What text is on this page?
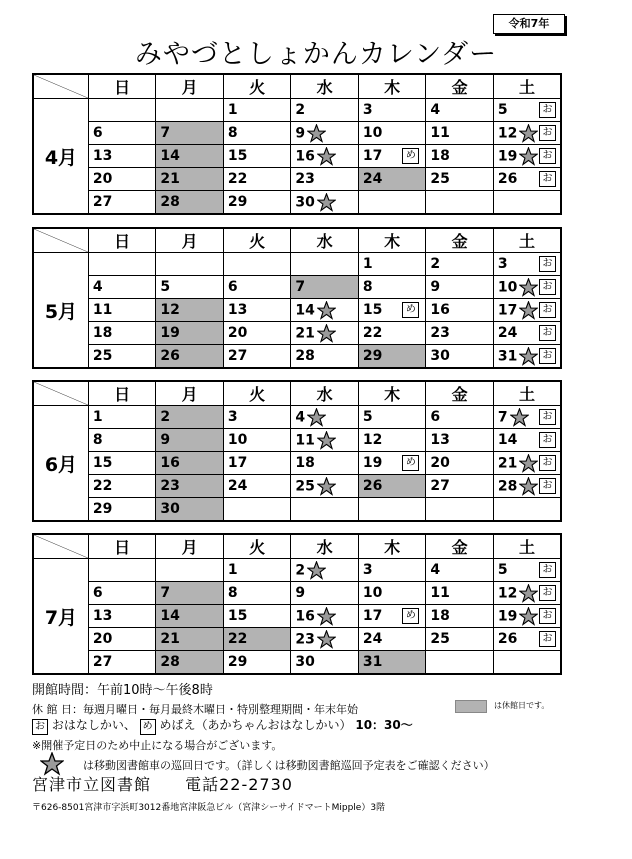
令和7年
みやづとしょかんカレンダー
	日	月	火	水	木	金	土
4月			1	2	3	4	5 お

	6	7	8	9	10	11	12 お

	13	14	15	16	17 め	18	19 お

	20	21	22	23	24	25	26 お

	27	28	29	30

	日	月	火	水	木	金	土
5月					1	2	3 お

	4	5	6	7	8	9	10 お

	11	12	13	14	15 め	16	17 お

	18	19	20	21	22	23	24 お

	25	26	27	28	29	30	31 お
	日	月	火	水	木	金	土
6月	1	2	3	4	5	6	7 お

	8	9	10	11	12	13	14 お

	15	16	17	18	19 め	20	21 お

	22	23	24	25	26	27	28 お

	29	30					
	日	月	火	水	木	金	土
7月			1	2	3	4	5 お

	6	7	8	9	10	11	12 お

	13	14	15	16	17 め	18	19 お

	20	21	22	23	24	25	26 お

	27	28	29	30	31		
開館時間：午前10時～午後8時
休 館 日：毎週月曜日・毎月最終木曜日・特別整理期間・年末年始	は休館日です。
お おはなしかい、 め めばえ（あかちゃんおはなしかい） 10：30～
※開催予定日のため中止になる場合がございます。
は移動図書館車の巡回日です。（詳しくは移動図書館巡回予定表をご確認ください）
宮津市立図書館 電話22-2730
〒626-8501宮津市字浜町3012番地宮津阪急ビル（宮津シーサイドマートMipple）3階
